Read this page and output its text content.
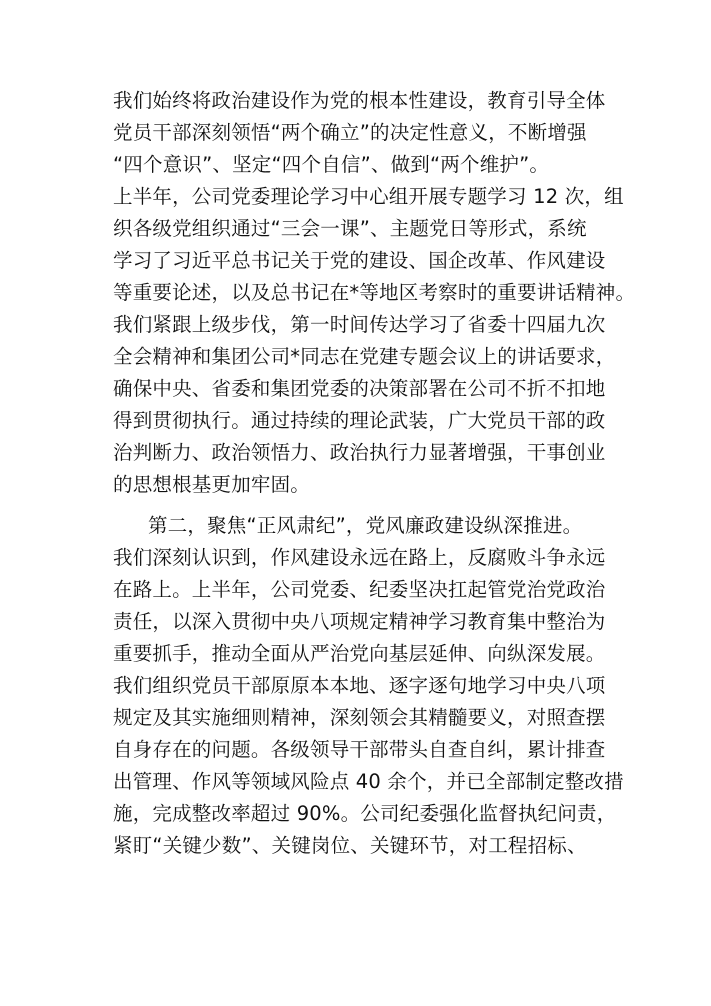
我们始终将政治建设作为党的根本性建设，教育引导全体
党员干部深刻领悟“两个确立”的决定性意义，不断增强
“四个意识”、坚定“四个自信”、做到“两个维护”。
上半年，公司党委理论学习中心组开展专题学习 12 次，组
织各级党组织通过“三会一课”、主题党日等形式，系统
学习了习近平总书记关于党的建设、国企改革、作风建设
等重要论述，以及总书记在*等地区考察时的重要讲话精神。
我们紧跟上级步伐，第一时间传达学习了省委十四届九次
全会精神和集团公司*同志在党建专题会议上的讲话要求，
确保中央、省委和集团党委的决策部署在公司不折不扣地
得到贯彻执行。通过持续的理论武装，广大党员干部的政
治判断力、政治领悟力、政治执行力显著增强，干事创业
的思想根基更加牢固。
第二，聚焦“正风肃纪”，党风廉政建设纵深推进。
我们深刻认识到，作风建设永远在路上，反腐败斗争永远
在路上。上半年，公司党委、纪委坚决扛起管党治党政治
责任，以深入贯彻中央八项规定精神学习教育集中整治为
重要抓手，推动全面从严治党向基层延伸、向纵深发展。
我们组织党员干部原原本本地、逐字逐句地学习中央八项
规定及其实施细则精神，深刻领会其精髓要义，对照查摆
自身存在的问题。各级领导干部带头自查自纠，累计排查
出管理、作风等领域风险点 40 余个，并已全部制定整改措
施，完成整改率超过 90%。公司纪委强化监督执纪问责，
紧盯“关键少数”、关键岗位、关键环节，对工程招标、
